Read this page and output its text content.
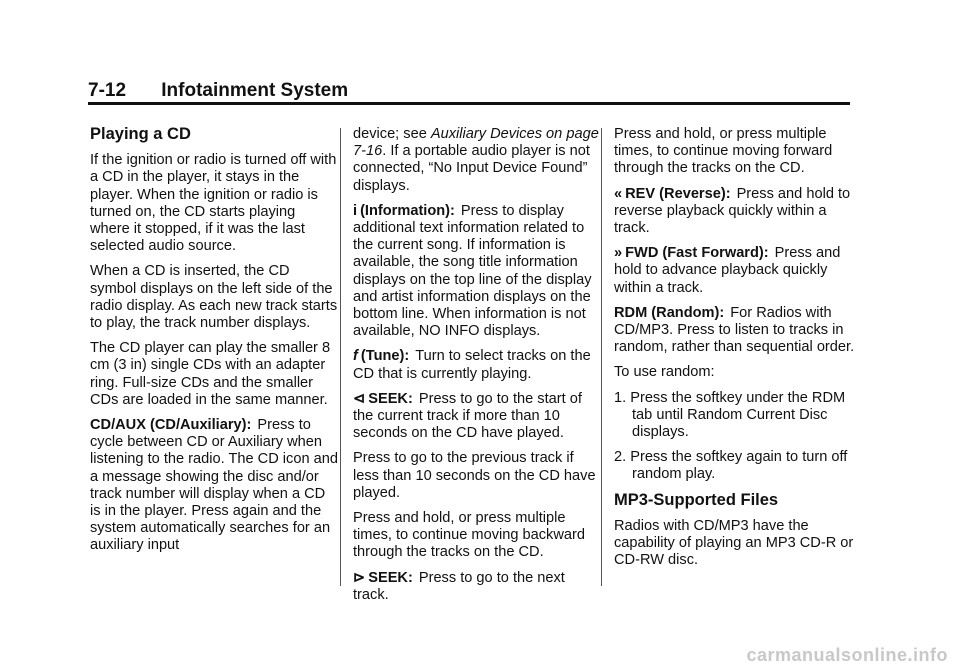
7-12 Infotainment System
Playing a CD

If the ignition or radio is turned off with a CD in the player, it stays in the player. When the ignition or radio is turned on, the CD starts playing where it stopped, if it was the last selected audio source.

When a CD is inserted, the CD symbol displays on the left side of the radio display. As each new track starts to play, the track number displays.

The CD player can play the smaller 8 cm (3 in) single CDs with an adapter ring. Full-size CDs and the smaller CDs are loaded in the same manner.

CD/AUX (CD/Auxiliary): Press to cycle between CD or Auxiliary when listening to the radio. The CD icon and a message showing the disc and/or track number will display when a CD is in the player. Press again and the system automatically searches for an auxiliary input

device; see Auxiliary Devices on page 7-16. If a portable audio player is not connected, “No Input Device Found” displays.

i (Information): Press to display additional text information related to the current song. If information is available, the song title information displays on the top line of the display and artist information displays on the bottom line. When information is not available, NO INFO displays.

f (Tune): Turn to select tracks on the CD that is currently playing.

⊲ SEEK: Press to go to the start of the current track if more than 10 seconds on the CD have played.

Press to go to the previous track if less than 10 seconds on the CD have played.

Press and hold, or press multiple times, to continue moving backward through the tracks on the CD.

⊳ SEEK: Press to go to the next track.

Press and hold, or press multiple times, to continue moving forward through the tracks on the CD.

« REV (Reverse): Press and hold to reverse playback quickly within a track.

» FWD (Fast Forward): Press and hold to advance playback quickly within a track.

RDM (Random): For Radios with CD/MP3. Press to listen to tracks in random, rather than sequential order.

To use random:

1. Press the softkey under the RDM tab until Random Current Disc displays.
2. Press the softkey again to turn off random play.
MP3-Supported Files

Radios with CD/MP3 have the capability of playing an MP3 CD-R or CD-RW disc.

carmanualsonline.info
